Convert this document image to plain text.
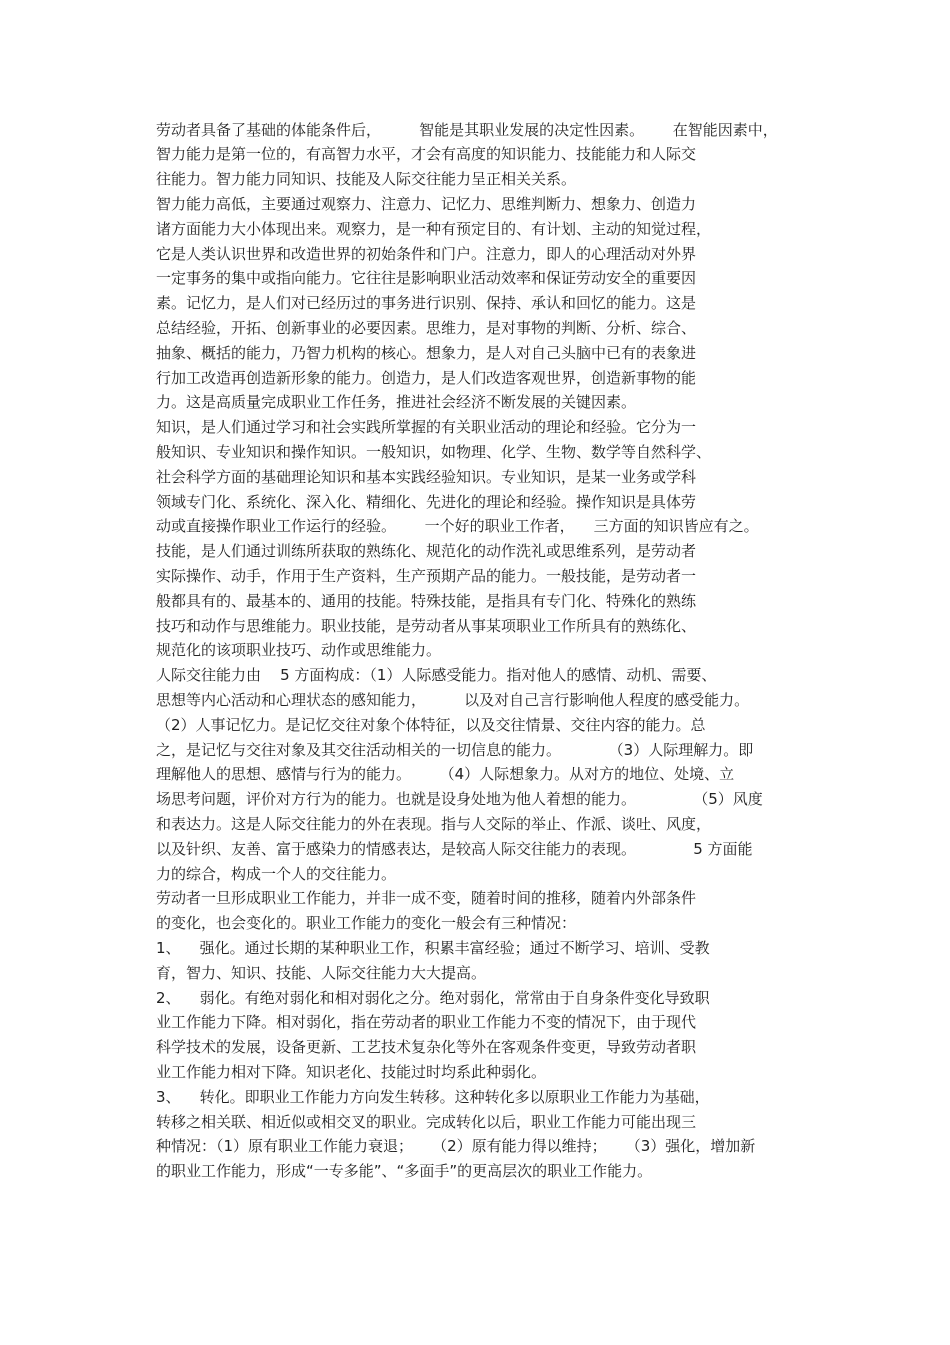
劳动者具备了基础的体能条件后，        智能是其职业发展的决定性因素。      在智能因素中，
智力能力是第一位的，有高智力水平，才会有高度的知识能力、技能能力和人际交
往能力。智力能力同知识、技能及人际交往能力呈正相关关系。
智力能力高低，主要通过观察力、注意力、记忆力、思维判断力、想象力、创造力
诸方面能力大小体现出来。观察力，是一种有预定目的、有计划、主动的知觉过程，
它是人类认识世界和改造世界的初始条件和门户。注意力，即人的心理活动对外界
一定事务的集中或指向能力。它往往是影响职业活动效率和保证劳动安全的重要因
素。记忆力，是人们对已经历过的事务进行识别、保持、承认和回忆的能力。这是
总结经验，开拓、创新事业的必要因素。思维力，是对事物的判断、分析、综合、
抽象、概括的能力，乃智力机构的核心。想象力，是人对自己头脑中已有的表象进
行加工改造再创造新形象的能力。创造力，是人们改造客观世界，创造新事物的能
力。这是高质量完成职业工作任务，推进社会经济不断发展的关键因素。
知识，是人们通过学习和社会实践所掌握的有关职业活动的理论和经验。它分为一
般知识、专业知识和操作知识。一般知识，如物理、化学、生物、数学等自然科学、
社会科学方面的基础理论知识和基本实践经验知识。专业知识，是某一业务或学科
领域专门化、系统化、深入化、精细化、先进化的理论和经验。操作知识是具体劳
动或直接操作职业工作运行的经验。      一个好的职业工作者，    三方面的知识皆应有之。
技能，是人们通过训练所获取的熟练化、规范化的动作洗礼或思维系列，是劳动者
实际操作、动手，作用于生产资料，生产预期产品的能力。一般技能，是劳动者一
般都具有的、最基本的、通用的技能。特殊技能，是指具有专门化、特殊化的熟练
技巧和动作与思维能力。职业技能，是劳动者从事某项职业工作所具有的熟练化、
规范化的该项职业技巧、动作或思维能力。
人际交往能力由    5 方面构成：（1）人际感受能力。指对他人的感情、动机、需要、
思想等内心活动和心理状态的感知能力，        以及对自己言行影响他人程度的感受能力。
（2）人事记忆力。是记忆交往对象个体特征，以及交往情景、交往内容的能力。总
之，是记忆与交往对象及其交往活动相关的一切信息的能力。          （3）人际理解力。即
理解他人的思想、感情与行为的能力。      （4）人际想象力。从对方的地位、处境、立
场思考问题，评价对方行为的能力。也就是设身处地为他人着想的能力。            （5）风度
和表达力。这是人际交往能力的外在表现。指与人交际的举止、作派、谈吐、风度，
以及针织、友善、富于感染力的情感表达，是较高人际交往能力的表现。            5 方面能
力的综合，构成一个人的交往能力。
劳动者一旦形成职业工作能力，并非一成不变，随着时间的推移，随着内外部条件
的变化，也会变化的。职业工作能力的变化一般会有三种情况：
1、    强化。通过长期的某种职业工作，积累丰富经验；通过不断学习、培训、受教
育，智力、知识、技能、人际交往能力大大提高。
2、    弱化。有绝对弱化和相对弱化之分。绝对弱化，常常由于自身条件变化导致职
业工作能力下降。相对弱化，指在劳动者的职业工作能力不变的情况下，由于现代
科学技术的发展，设备更新、工艺技术复杂化等外在客观条件变更，导致劳动者职
业工作能力相对下降。知识老化、技能过时均系此种弱化。
3、    转化。即职业工作能力方向发生转移。这种转化多以原职业工作能力为基础，
转移之相关联、相近似或相交叉的职业。完成转化以后，职业工作能力可能出现三
种情况：（1）原有职业工作能力衰退；    （2）原有能力得以维持；    （3）强化，增加新
的职业工作能力，形成“一专多能”、“多面手”的更高层次的职业工作能力。
